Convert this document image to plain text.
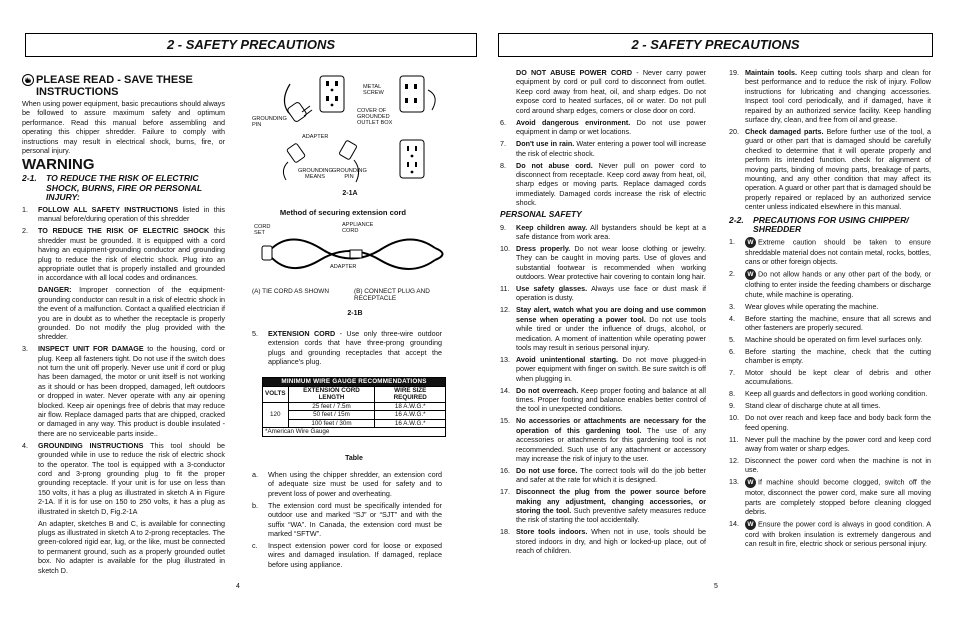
2 - SAFETY PRECAUTIONS
PLEASE READ - SAVE THESE INSTRUCTIONS

When using power equipment, basic precautions should always be followed to assure maximum safety and optimum performance. Read this manual before assembling and operating this chipper shredder. Failure to comply with instructions may result in electrical shock, burns, fire, or personal injury.

WARNING
2-1. TO REDUCE THE RISK OF ELECTRIC SHOCK, BURNS, FIRE OR PERSONAL INJURY:
1. FOLLOW ALL SAFETY INSTRUCTIONS listed in this manual before/during operation of this shredder
2. TO REDUCE THE RISK OF ELECTRIC SHOCK this shredder must be grounded. It is equipped with a cord having an equipment-grounding conductor and grounding plug to reduce the risk of electric shock. Plug into an appropriate outlet that is properly installed and grounded in accordance with all local codes and ordinances.
DANGER: Improper connection of the equipment-grounding conductor can result in a risk of electric shock in the event of a malfunction. Contact a qualified electrician if you are in doubt as to whether the receptacle is properly grounded. Do not modify the plug provided with the shredder.
3. INSPECT UNIT FOR DAMAGE to the housing, cord or plug. Keep all fasteners tight. Do not use if the switch does not turn the unit off properly. Never use unit if cord or plug has been damaged, the motor or unit itself is not working as it should or has been dropped, damaged, left outdoors or dropped in water. Never operate with any air opening blocked. Keep air openings free of debris that may reduce air flow. Replace damaged parts that are chipped, cracked or damaged in any way. This product is double insulated - there are no serviceable parts inside..
4. GROUNDING INSTRUCTIONS This tool should be grounded while in use to reduce the risk of electric shock to the operator. The tool is equipped with a 3-conductor cord and 3-prong grounding plug to fit the proper grounding receptacle. If your unit is for use on less than 150 volts, it has a plug as illustrated in sketch A in Figure 2-1A. If it is for use on 150 to 250 volts, it has a plug as illustrated in sketch D, Fig.2-1A
An adapter, sketches B and C, is available for connecting plugs as illustrated in sketch A to 2-prong receptacles. The green-colored rigid ear, lug, or the like, must be connected to permanent ground, such as a properly grounded outlet box. No adapter is available for the plug illustrated in sketch D.
GROUNDING PIN
ADAPTER
METAL SCREW
COVER OF GROUNDED OUTLET BOX
GROUNDING MEANS
GROUNDING PIN
2-1A
Method of securing extension cord
CORD SET
APPLIANCE CORD
ADAPTER
(A) TIE CORD AS SHOWN	(B) CONNECT PLUG AND RECEPTACLE
2-1B
5. EXTENSION CORD - Use only three-wire outdoor extension cords that have three-prong grounding plugs and grounding receptacles that accept the appliance's plug.
MINIMUM WIRE GAUGE RECOMMENDATIONS		
VOLTS	EXTENSION CORD LENGTH	WIRE SIZE REQUIRED
120	25 feet / 7.5m	18 A.W.G.*
	50 feet / 15m	16 A.W.G.*
	100 feet / 30m	16 A.W.G.*
*American Wire Gauge		
Table
a. When using the chipper shredder, an extension cord of adequate size must be used for safety and to prevent loss of power and overheating.
b. The extension cord must be specifically intended for outdoor use and marked “SJ” or “SJT” and with the suffix “WA”. In Canada, the extension cord must be marked “SFTW”.
c. Inspect extension power cord for loose or exposed wires and damaged insulation. If damaged, replace before using appliance.
4
2 - SAFETY PRECAUTIONS

DO NOT ABUSE POWER CORD - Never carry power equipment by cord or pull cord to disconnect from outlet. Keep cord away from heat, oil, and sharp edges. Do not expose cord to heated surfaces, oil or water. Do not pull cord around sharp edges, corners or close door on cord.

6. Avoid dangerous environment. Do not use power equipment in damp or wet locations.
7. Don't use in rain. Water entering a power tool will increase the risk of electric shock.
8. Do not abuse cord. Never pull on power cord to disconnect from receptacle. Keep cord away from heat, oil, sharp edges or moving parts. Replace damaged cords immediately. Damaged cords increase the risk of electric shock.
PERSONAL SAFETY
9. Keep children away. All bystanders should be kept at a safe distance from work area.
10. Dress properly. Do not wear loose clothing or jewelry. They can be caught in moving parts. Use of gloves and substantial footwear is recommended when working outdoors. Wear protective hair covering to contain long hair.
11. Use safety glasses. Always use face or dust mask if operation is dusty.
12. Stay alert, watch what you are doing and use common sense when operating a power tool. Do not use tools while tired or under the influence of drugs, alcohol, or medication. A moment of inattention while operating power tools may result in serious personal injury.
13. Avoid unintentional starting. Do not move plugged-in power equipment with finger on switch. Be sure switch is off when plugging in.
14. Do not overreach. Keep proper footing and balance at all times. Proper footing and balance enables better control of the tool in unexpected conditions.
15. No accessories or attachments are necessary for the operation of this gardening tool. The use of any accessories or attachments for this gardening tool is not recommended. Such use of any attachment or accessory may increase the risk of injury to the user.
16. Do not use force. The correct tools will do the job better and safer at the rate for which it is designed.
17. Disconnect the plug from the power source before making any adjustment, changing accessories, or storing the tool. Such preventive safety measures reduce the risk of starting the tool accidentally.
18. Store tools indoors. When not in use, tools should be stored indoors in dry, and high or locked-up place, out of reach of children.
19. Maintain tools. Keep cutting tools sharp and clean for best performance and to reduce the risk of injury. Follow instructions for lubricating and changing accessories. Inspect tool cord periodically, and if damaged, have it repaired by an authorized service facility. Keep handling surface dry, clean, and free from oil and grease.
20. Check damaged parts. Before further use of the tool, a guard or other part that is damaged should be carefully checked to determine that it will operate properly and perform its intended function. check for alignment of moving parts, binding of moving parts, breakage of parts, mounting, and any other condition that may affect its operation. A guard or other part that is damaged should be properly repaired or replaced by an authorized service center unless indicated elsewhere in this manual.
2-2. PRECAUTIONS FOR USING CHIPPER/ SHREDDER
1. W Extreme caution should be taken to ensure shreddable material does not contain metal, rocks, bottles, cans or other foreign objects.
2. W Do not allow hands or any other part of the body, or clothing to enter inside the feeding chambers or discharge chute, while machine is operating.
3. Wear gloves while operating the machine.
4. Before starting the machine, ensure that all screws and other fasteners are properly secured.
5. Machine should be operated on firm level surfaces only.
6. Before starting the machine, check that the cutting chamber is empty.
7. Motor should be kept clear of debris and other accumulations.
8. Keep all guards and deflectors in good working condition.
9. Stand clear of discharge chute at all times.
10. Do not over reach and keep face and body back form the feed opening.
11. Never pull the machine by the power cord and keep cord away from water or sharp edges.
12. Disconnect the power cord when the machine is not in use.
13. W If machine should become clogged, switch off the motor, disconnect the power cord, make sure all moving parts are completely stopped before cleaning clogged debris.
14. W Ensure the power cord is always in good condition. A cord with broken insulation is extremely dangerous and can result in fire, electric shock or serious personal injury.
5
